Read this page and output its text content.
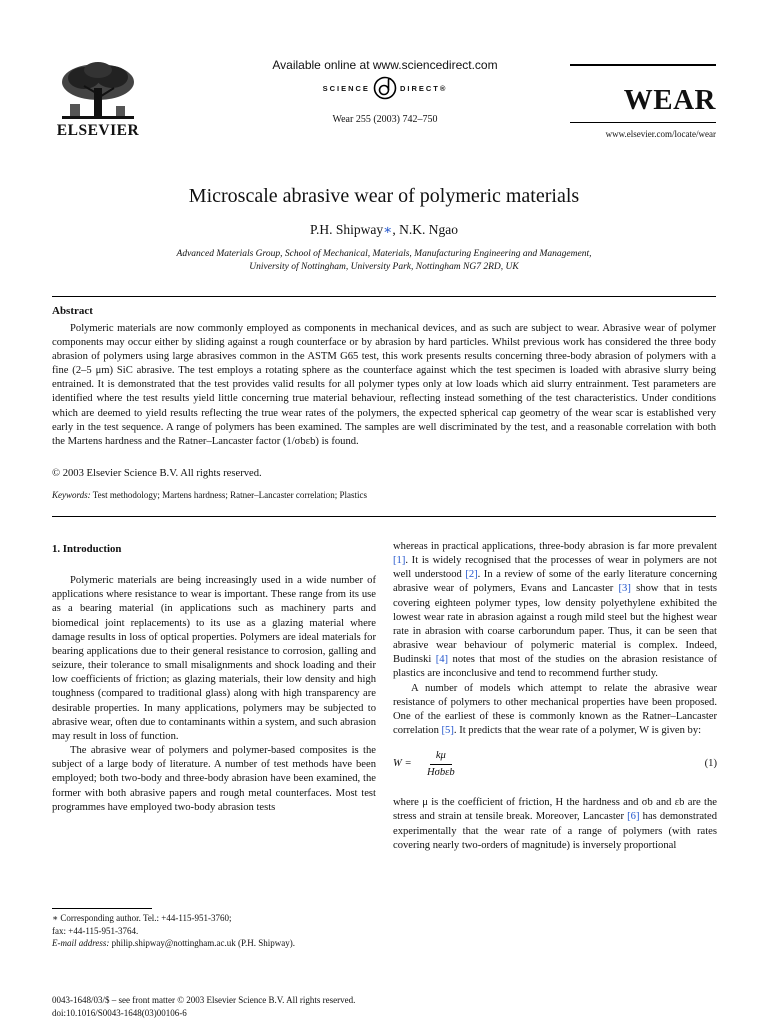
ELSEVIER
Available online at www.sciencedirect.com
SCIENCE	DIRECT ®
Wear 255 (2003) 742–750
WEAR
www.elsevier.com/locate/wear
Microscale abrasive wear of polymeric materials
P.H. Shipway∗, N.K. Ngao
Advanced Materials Group, School of Mechanical, Materials, Manufacturing Engineering and Management,
University of Nottingham, University Park, Nottingham NG7 2RD, UK
Abstract
Polymeric materials are now commonly employed as components in mechanical devices, and as such are subject to wear. Abrasive wear of polymer components may occur either by sliding against a rough counterface or by abrasion by hard particles. Whilst previous work has considered the three body abrasion of polymers using large abrasives common in the ASTM G65 test, this work presents results concerning three-body abrasion of polymers with a fine (2–5 μm) SiC abrasive. The test employs a rotating sphere as the counterface against which the test specimen is loaded with abrasive slurry being entrained. It is demonstrated that the test provides valid results for all polymer types only at low loads which aid slurry entrainment. Test parameters are identified where the test results yield little concerning true material behaviour, reflecting instead something of the test characteristics. Under conditions which are deemed to yield results reflecting the true wear rates of the polymers, the expected spherical cap geometry of the wear scar is established very early in the test sequence. A range of polymers has been examined. The samples are well discriminated by the test, and a reasonable correlation with both the Martens hardness and the Ratner–Lancaster factor (1/σbεb) is found.
© 2003 Elsevier Science B.V. All rights reserved.
Keywords: Test methodology; Martens hardness; Ratner–Lancaster correlation; Plastics
1. Introduction

Polymeric materials are being increasingly used in a wide number of applications where resistance to wear is important. These range from its use as a bearing material (in applications such as machinery parts and biomedical joint replacements) to its use as a glazing material where damage results in loss of optical properties. Polymers are ideal materials for bearing applications due to their general resistance to corrosion, galling and seizure, their tolerance to small misalignments and shock loading and their low coefficients of friction; as glazing materials, their low density and high toughness (compared to traditional glass) along with high transparency are desirable properties. In many applications, polymers may be subjected to abrasive wear, often due to contaminants within a system, and such abrasion may result in loss of function.

The abrasive wear of polymers and polymer-based composites is the subject of a large body of literature. A number of test methods have been employed; both two-body and three-body abrasion have been examined, the former with both abrasive papers and rough metal counterfaces. Most test programmes have employed two-body abrasion tests

whereas in practical applications, three-body abrasion is far more prevalent [1]. It is widely recognised that the processes of wear in polymers are not well understood [2]. In a review of some of the early literature concerning abrasive wear of polymers, Evans and Lancaster [3] show that in tests covering eighteen polymer types, low density polyethylene exhibited the lowest wear rate in abrasion against a rough mild steel but the highest wear rate in abrasion with coarse carborundum paper. Thus, it can be seen that abrasive wear behaviour of polymeric material is complex. Indeed, Budinski [4] notes that most of the studies on the abrasion resistance of plastics are inconclusive and tend to recommend further study.

A number of models which attempt to relate the abrasive wear resistance of polymers to other mechanical properties have been proposed. One of the earliest of these is commonly known as the Ratner–Lancaster correlation [5]. It predicts that the wear rate of a polymer, W is given by:

W =	$\frac{k\mu}{\text{Hσbεb}}$	(1)

where μ is the coefficient of friction, H the hardness and σb and εb are the stress and strain at tensile break. Moreover, Lancaster [6] has demonstrated experimentally that the wear rate of a range of polymers (with rates covering nearly two-orders of magnitude) is inversely proportional

∗ Corresponding author. Tel.: +44-115-951-3760;
fax: +44-115-951-3764.
E-mail address: philip.shipway@nottingham.ac.uk (P.H. Shipway).
0043-1648/03/$ – see front matter © 2003 Elsevier Science B.V. All rights reserved.
doi:10.1016/S0043-1648(03)00106-6
